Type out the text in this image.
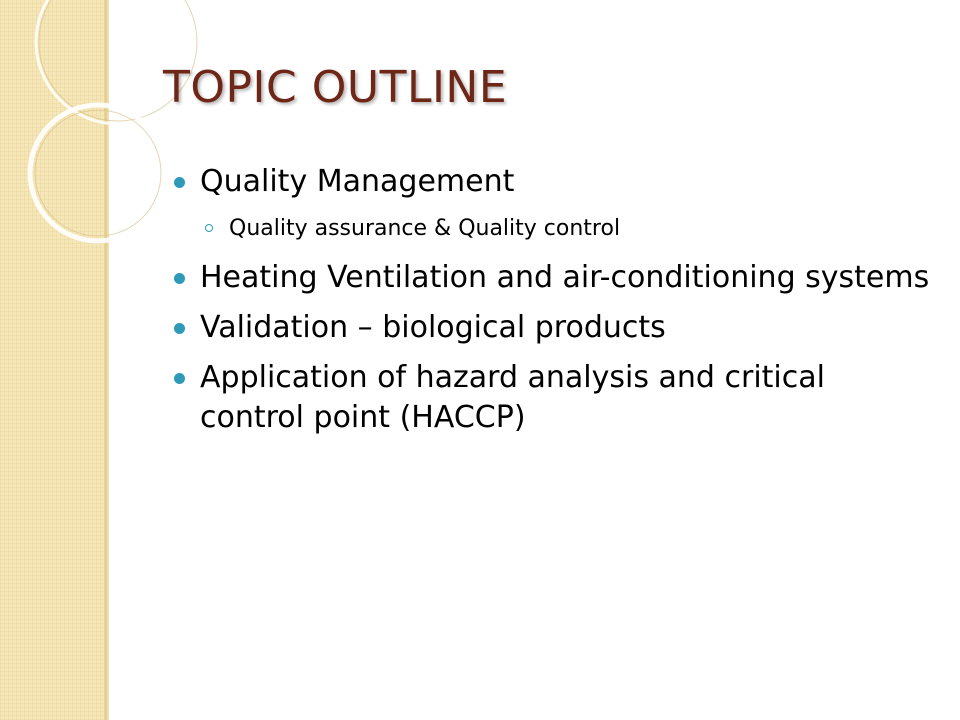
TOPIC OUTLINE
Quality Management
Quality assurance & Quality control
Heating Ventilation and air-conditioning systems
Validation – biological products
Application of hazard analysis and critical control point (HACCP)
